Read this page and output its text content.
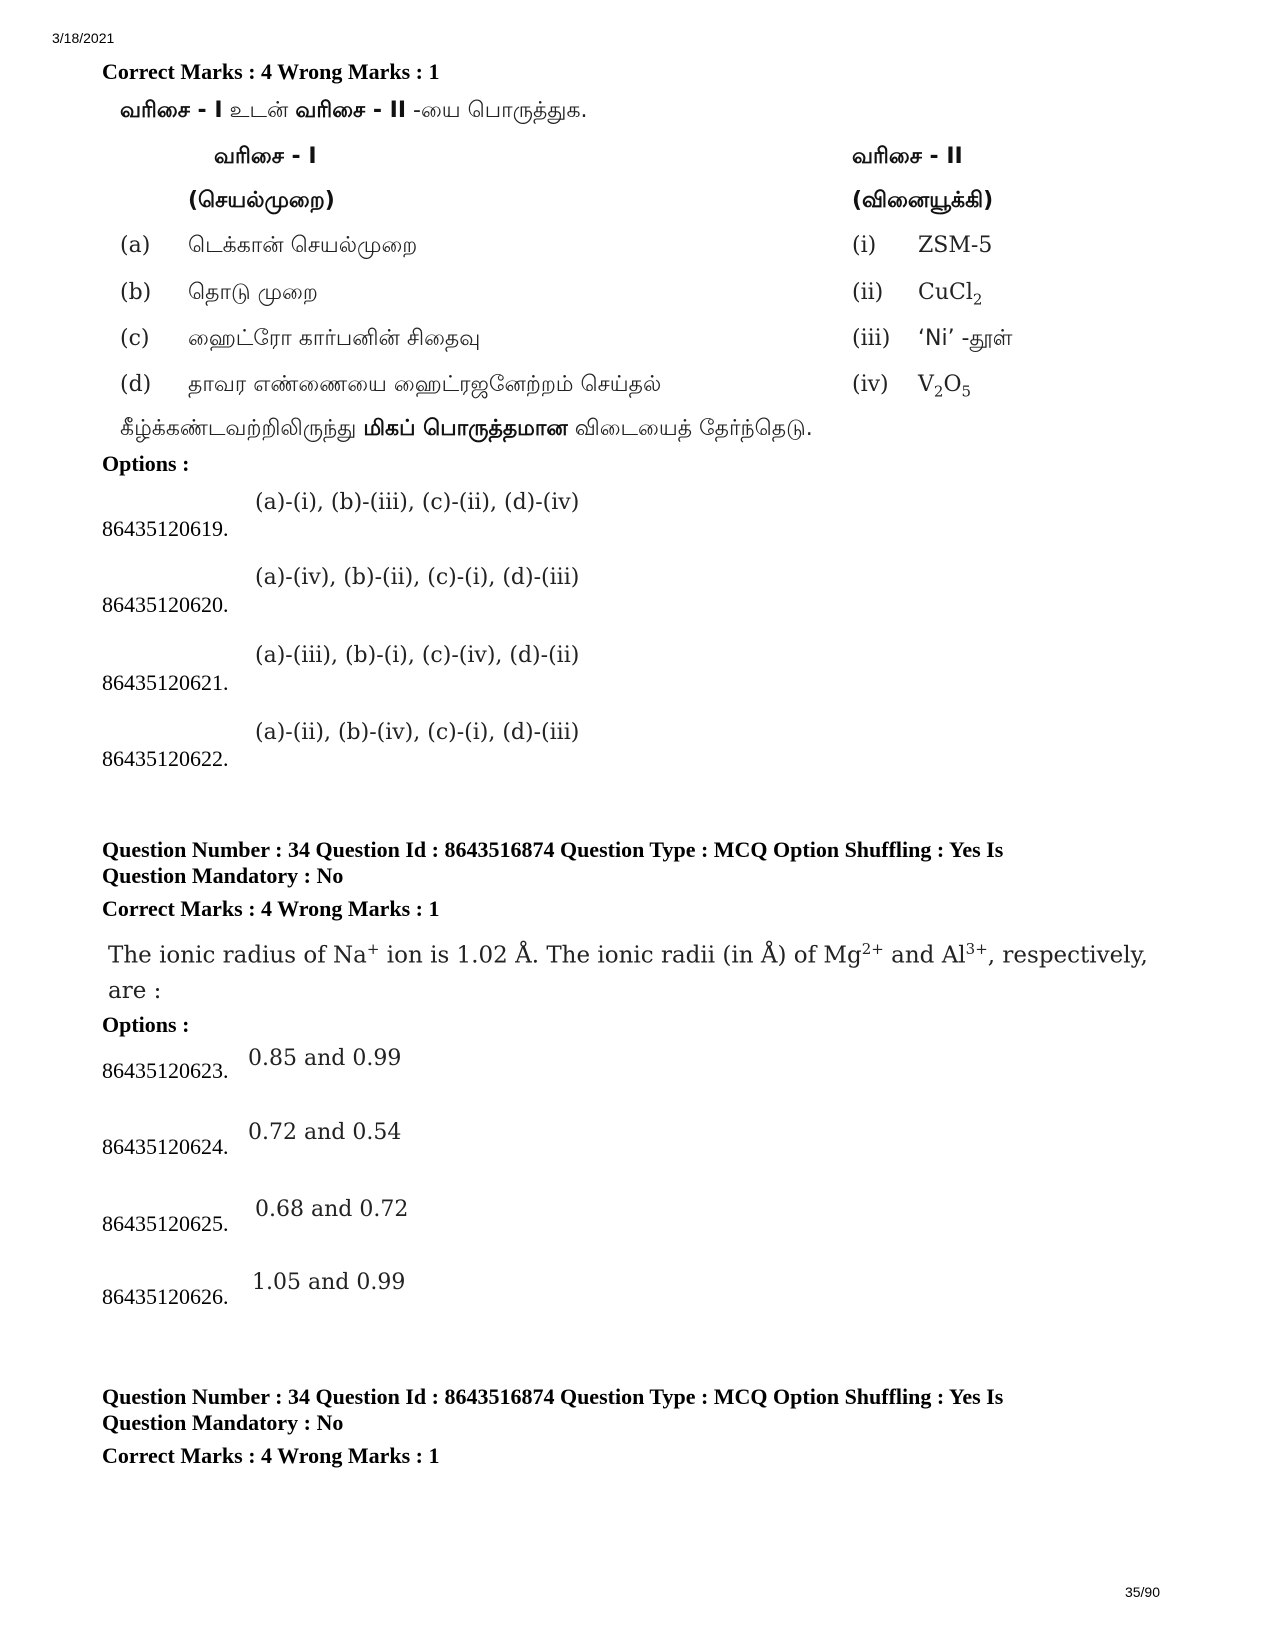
3/18/2021
35/90
Correct Marks : 4 Wrong Marks : 1
வரிசை - I உடன் வரிசை - II -யை பொருத்துக.
வரிசை - I	வரிசை - II
(செயல்முறை)	(வினையூக்கி)
(a) டெக்கான் செயல்முறை	(i) ZSM-5
(b) தொடு முறை	(ii) CuCl$_2$
(c) ஹைட்ரோ கார்பனின் சிதைவு	(iii) ‘Ni’ -தூள்
(d) தாவர எண்ணையை ஹைட்ரஜனேற்றம் செய்தல்	(iv) $V_2O_5$
கீழ்க்கண்டவற்றிலிருந்து மிகப் பொருத்தமான விடையைத் தேர்ந்தெடு.
Options :
86435120619.
(a)-(i), (b)-(iii), (c)-(ii), (d)-(iv)
86435120620.
(a)-(iv), (b)-(ii), (c)-(i), (d)-(iii)
86435120621.
(a)-(iii), (b)-(i), (c)-(iv), (d)-(ii)
86435120622.
(a)-(ii), (b)-(iv), (c)-(i), (d)-(iii)
Question Number : 34 Question Id : 8643516874 Question Type : MCQ Option Shuffling : Yes Is
Question Mandatory : No
Correct Marks : 4 Wrong Marks : 1
The ionic radius of Na+ ion is 1.02 Å. The ionic radii (in Å) of $Mg^{2+}$ and $Al^{3+}$, respectively,
are :
Options :
86435120623. 0.85 and 0.99
86435120624.
0.72 and 0.54
86435120625.
0.68 and 0.72
86435120626.
1.05 and 0.99
Question Number : 34 Question Id : 8643516874 Question Type : MCQ Option Shuffling : Yes Is
Question Mandatory : No
Correct Marks : 4 Wrong Marks : 1
